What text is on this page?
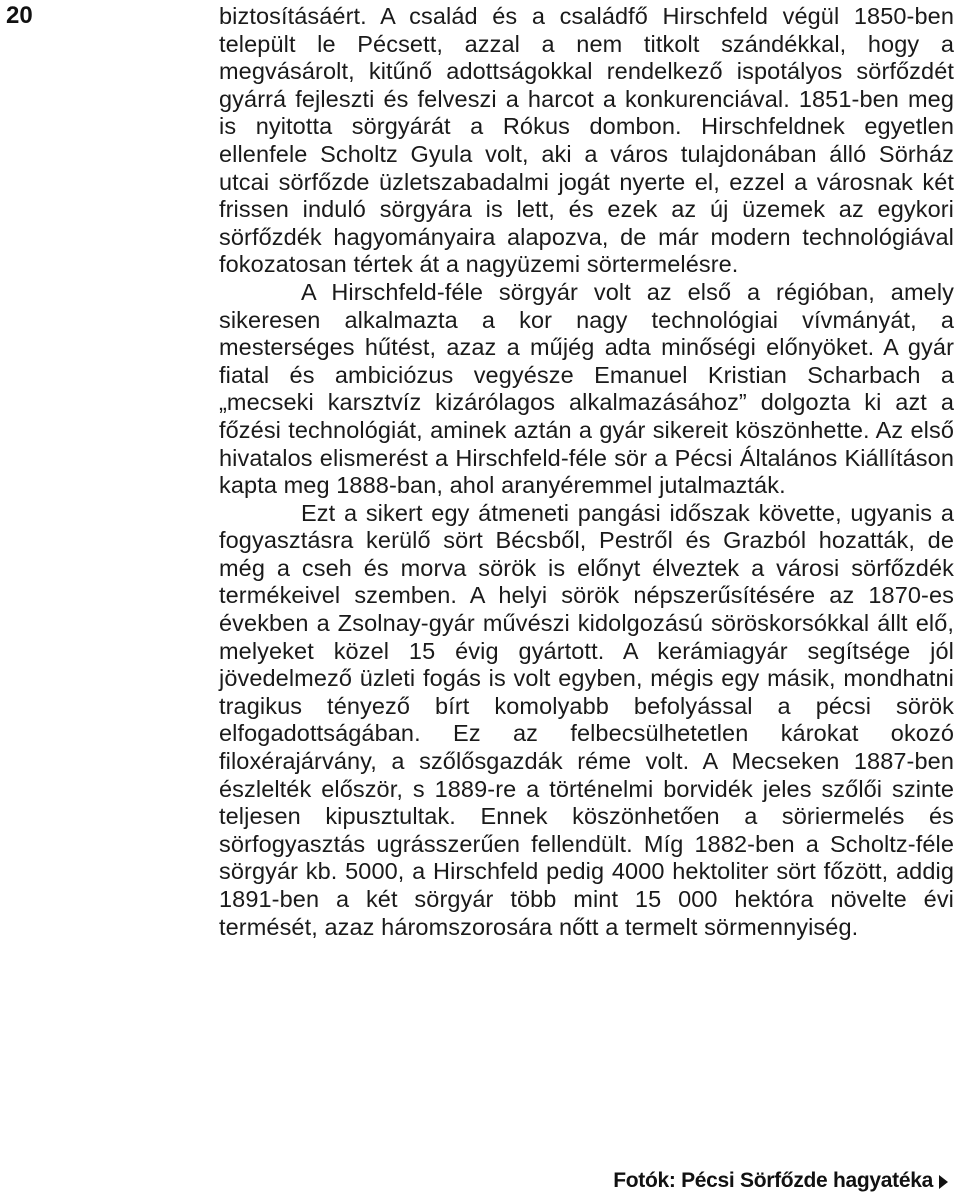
20	biztosításáért. A család és a családfő Hirschfeld végül 1850-ben települt le Pécsett, azzal a nem titkolt szándékkal, hogy a megvásárolt, kitűnő adottságokkal rendelkező ispotályos sörfőzdét gyárrá fejleszti és felveszi a harcot a konkurenciával. 1851-ben meg is nyitotta sörgyárát a Rókus dombon. Hirschfeldnek egyetlen ellenfele Scholtz Gyula volt, aki a város tulajdonában álló Sörház utcai sörfőzde üzletszabadalmi jogát nyerte el, ezzel a városnak két frissen induló sörgyára is lett, és ezek az új üzemek az egykori sörfőzdék hagyományaira alapozva, de már modern technológiával fokozatosan tértek át a nagyüzemi sörtermelésre.

A Hirschfeld-féle sörgyár volt az első a régióban, amely sikeresen alkalmazta a kor nagy technológiai vívmányát, a mesterséges hűtést, azaz a műjég adta minőségi előnyöket. A gyár fiatal és ambiciózus vegyésze Emanuel Kristian Scharbach a „mecseki karsztvíz kizárólagos alkalmazásához” dolgozta ki azt a főzési technológiát, aminek aztán a gyár sikereit köszönhette. Az első hivatalos elismerést a Hirschfeld-féle sör a Pécsi Általános Kiállításon kapta meg 1888-ban, ahol aranyéremmel jutalmazták.

Ezt a sikert egy átmeneti pangási időszak követte, ugyanis a fogyasztásra kerülő sört Bécsből, Pestről és Grazból hozatták, de még a cseh és morva sörök is előnyt élveztek a városi sörfőzdék termékeivel szemben. A helyi sörök népszerűsítésére az 1870-es években a Zsolnay-gyár művészi kidolgozású söröskorsókkal állt elő, melyeket közel 15 évig gyártott. A kerámiagyár segítsége jól jövedelmező üzleti fogás is volt egyben, mégis egy másik, mondhatni tragikus tényező bírt komolyabb befolyással a pécsi sörök elfogadottságában. Ez az felbecsülhetetlen károkat okozó filoxérajárvány, a szőlősgazdák réme volt. A Mecseken 1887-ben észlelték először, s 1889-re a történelmi borvidék jeles szőlői szinte teljesen kipusztultak. Ennek köszönhetően a söriermelés és sörfogyasztás ugrásszerűen fellendült. Míg 1882-ben a Scholtz-féle sörgyár kb. 5000, a Hirschfeld pedig 4000 hektoliter sört főzött, addig 1891-ben a két sörgyár több mint 15 000 hektóra növelte évi termését, azaz háromszorosára nőtt a termelt sörmennyiség.

Fotók: Pécsi Sörfőzde hagyatéka
